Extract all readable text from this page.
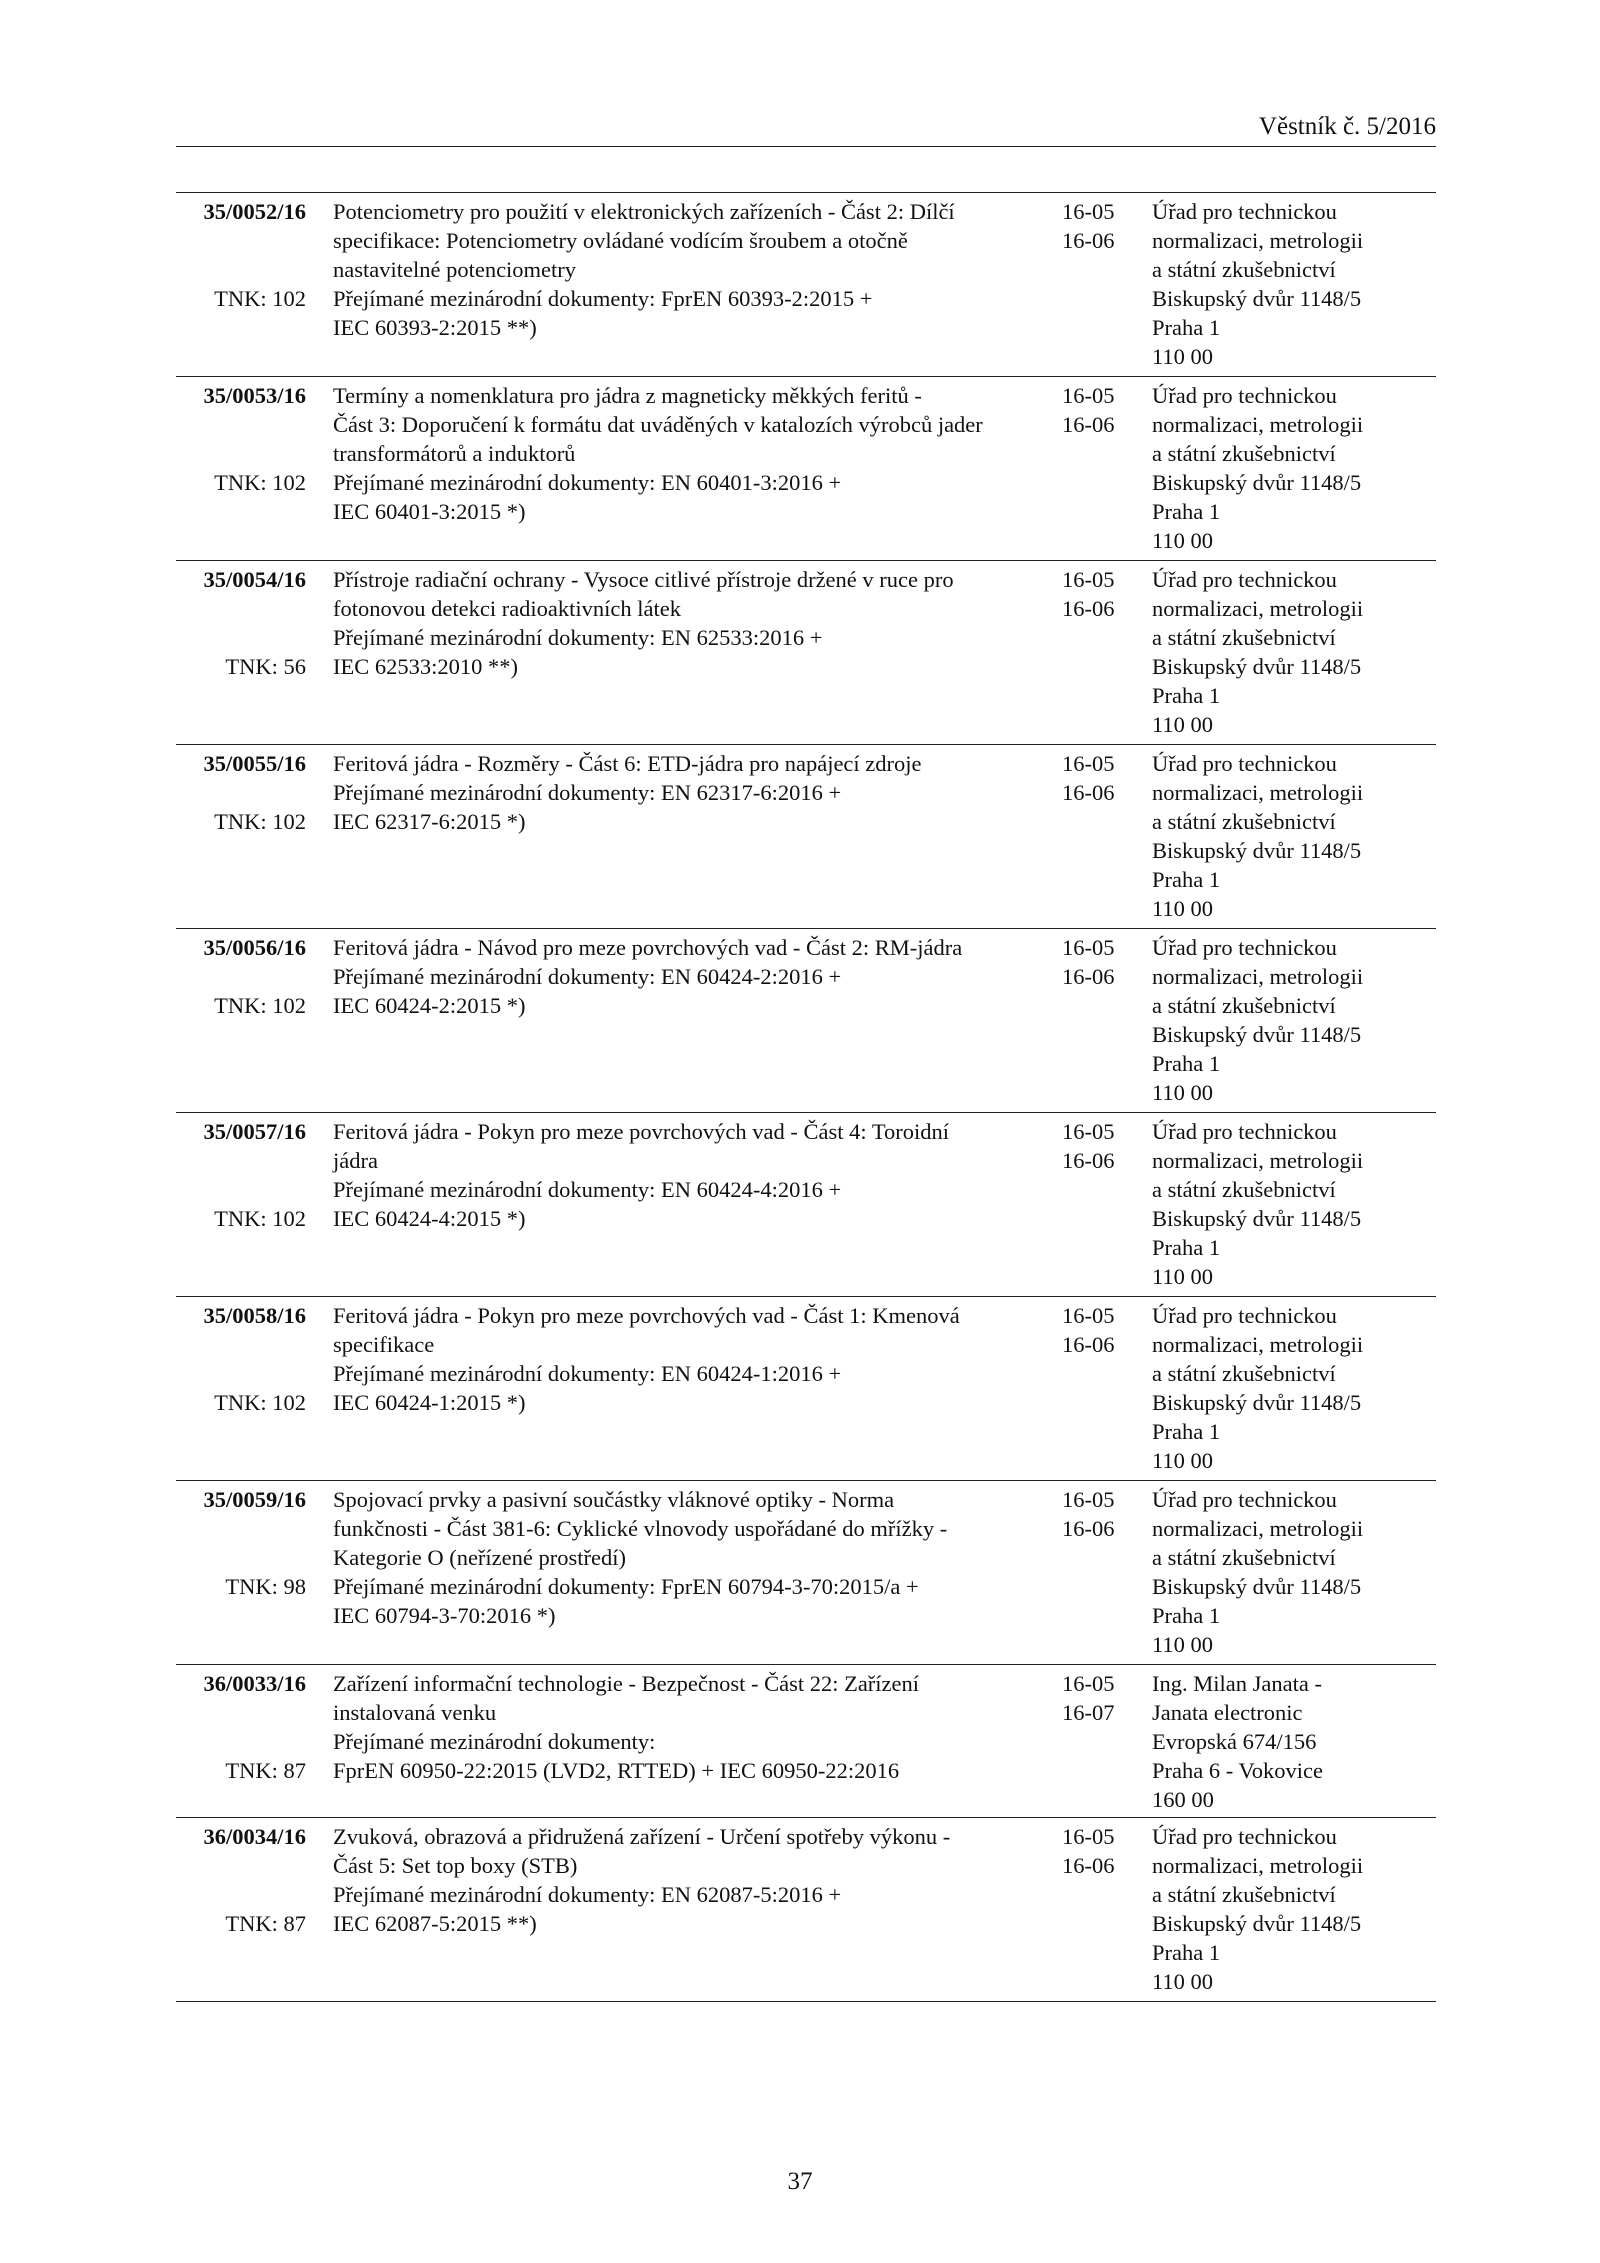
Věstník č. 5/2016
35/0052/16
TNK: 102
Potenciometry pro použití v elektronických zařízeních - Část 2: Dílčí
specifikace: Potenciometry ovládané vodícím šroubem a otočně
nastavitelné potenciometry
Přejímané mezinárodní dokumenty: FprEN 60393-2:2015 +
IEC 60393-2:2015 **)
16-05
16-06
Úřad pro technickou
normalizaci, metrologii
a státní zkušebnictví
Biskupský dvůr 1148/5
Praha 1
110 00
35/0053/16
TNK: 102
Termíny a nomenklatura pro jádra z magneticky měkkých feritů -
Část 3: Doporučení k formátu dat uváděných v katalozích výrobců jader
transformátorů a induktorů
Přejímané mezinárodní dokumenty: EN 60401-3:2016 +
IEC 60401-3:2015 *)
16-05
16-06
Úřad pro technickou
normalizaci, metrologii
a státní zkušebnictví
Biskupský dvůr 1148/5
Praha 1
110 00
35/0054/16
TNK: 56
Přístroje radiační ochrany - Vysoce citlivé přístroje držené v ruce pro
fotonovou detekci radioaktivních látek
Přejímané mezinárodní dokumenty: EN 62533:2016 +
IEC 62533:2010 **)
16-05
16-06
Úřad pro technickou
normalizaci, metrologii
a státní zkušebnictví
Biskupský dvůr 1148/5
Praha 1
110 00
35/0055/16
TNK: 102
Feritová jádra - Rozměry - Část 6: ETD-jádra pro napájecí zdroje
Přejímané mezinárodní dokumenty: EN 62317-6:2016 +
IEC 62317-6:2015 *)
16-05
16-06
Úřad pro technickou
normalizaci, metrologii
a státní zkušebnictví
Biskupský dvůr 1148/5
Praha 1
110 00
35/0056/16
TNK: 102
Feritová jádra - Návod pro meze povrchových vad - Část 2: RM-jádra
Přejímané mezinárodní dokumenty: EN 60424-2:2016 +
IEC 60424-2:2015 *)
16-05
16-06
Úřad pro technickou
normalizaci, metrologii
a státní zkušebnictví
Biskupský dvůr 1148/5
Praha 1
110 00
35/0057/16
TNK: 102
Feritová jádra - Pokyn pro meze povrchových vad - Část 4: Toroidní
jádra
Přejímané mezinárodní dokumenty: EN 60424-4:2016 +
IEC 60424-4:2015 *)
16-05
16-06
Úřad pro technickou
normalizaci, metrologii
a státní zkušebnictví
Biskupský dvůr 1148/5
Praha 1
110 00
35/0058/16
TNK: 102
Feritová jádra - Pokyn pro meze povrchových vad - Část 1: Kmenová
specifikace
Přejímané mezinárodní dokumenty: EN 60424-1:2016 +
IEC 60424-1:2015 *)
16-05
16-06
Úřad pro technickou
normalizaci, metrologii
a státní zkušebnictví
Biskupský dvůr 1148/5
Praha 1
110 00
35/0059/16
TNK: 98
Spojovací prvky a pasivní součástky vláknové optiky - Norma
funkčnosti - Část 381-6: Cyklické vlnovody uspořádané do mřížky -
Kategorie O (neřízené prostředí)
Přejímané mezinárodní dokumenty: FprEN 60794-3-70:2015/a +
IEC 60794-3-70:2016 *)
16-05
16-06
Úřad pro technickou
normalizaci, metrologii
a státní zkušebnictví
Biskupský dvůr 1148/5
Praha 1
110 00
36/0033/16
TNK: 87
Zařízení informační technologie - Bezpečnost - Část 22: Zařízení
instalovaná venku
Přejímané mezinárodní dokumenty:
FprEN 60950-22:2015 (LVD2, RTTED) + IEC 60950-22:2016
16-05
16-07
Ing. Milan Janata -
Janata electronic
Evropská 674/156
Praha 6 - Vokovice
160 00
36/0034/16
TNK: 87
Zvuková, obrazová a přidružená zařízení - Určení spotřeby výkonu -
Část 5: Set top boxy (STB)
Přejímané mezinárodní dokumenty: EN 62087-5:2016 +
IEC 62087-5:2015 **)
16-05
16-06
Úřad pro technickou
normalizaci, metrologii
a státní zkušebnictví
Biskupský dvůr 1148/5
Praha 1
110 00
37
